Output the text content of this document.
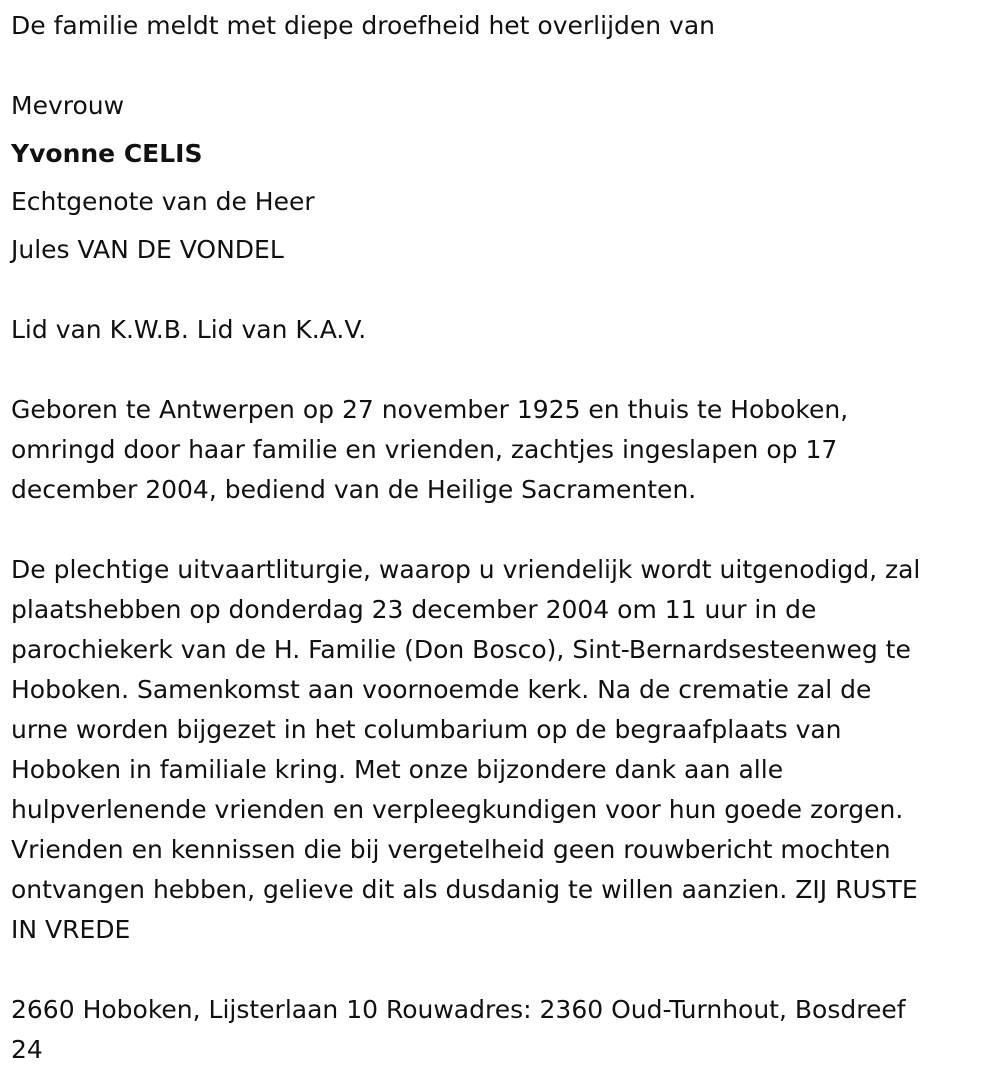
De familie meldt met diepe droefheid het overlijden van

Mevrouw

Yvonne CELIS

Echtgenote van de Heer

Jules VAN DE VONDEL

Lid van K.W.B. Lid van K.A.V.

Geboren te Antwerpen op 27 november 1925 en thuis te Hoboken,
omringd door haar familie en vrienden, zachtjes ingeslapen op 17
december 2004, bediend van de Heilige Sacramenten.

De plechtige uitvaartliturgie, waarop u vriendelijk wordt uitgenodigd, zal
plaatshebben op donderdag 23 december 2004 om 11 uur in de
parochiekerk van de H. Familie (Don Bosco), Sint-Bernardsesteenweg te
Hoboken. Samenkomst aan voornoemde kerk. Na de crematie zal de
urne worden bijgezet in het columbarium op de begraafplaats van
Hoboken in familiale kring. Met onze bijzondere dank aan alle
hulpverlenende vrienden en verpleegkundigen voor hun goede zorgen.
Vrienden en kennissen die bij vergetelheid geen rouwbericht mochten
ontvangen hebben, gelieve dit als dusdanig te willen aanzien. ZIJ RUSTE
IN VREDE

2660 Hoboken, Lijsterlaan 10 Rouwadres: 2360 Oud-Turnhout, Bosdreef
24
